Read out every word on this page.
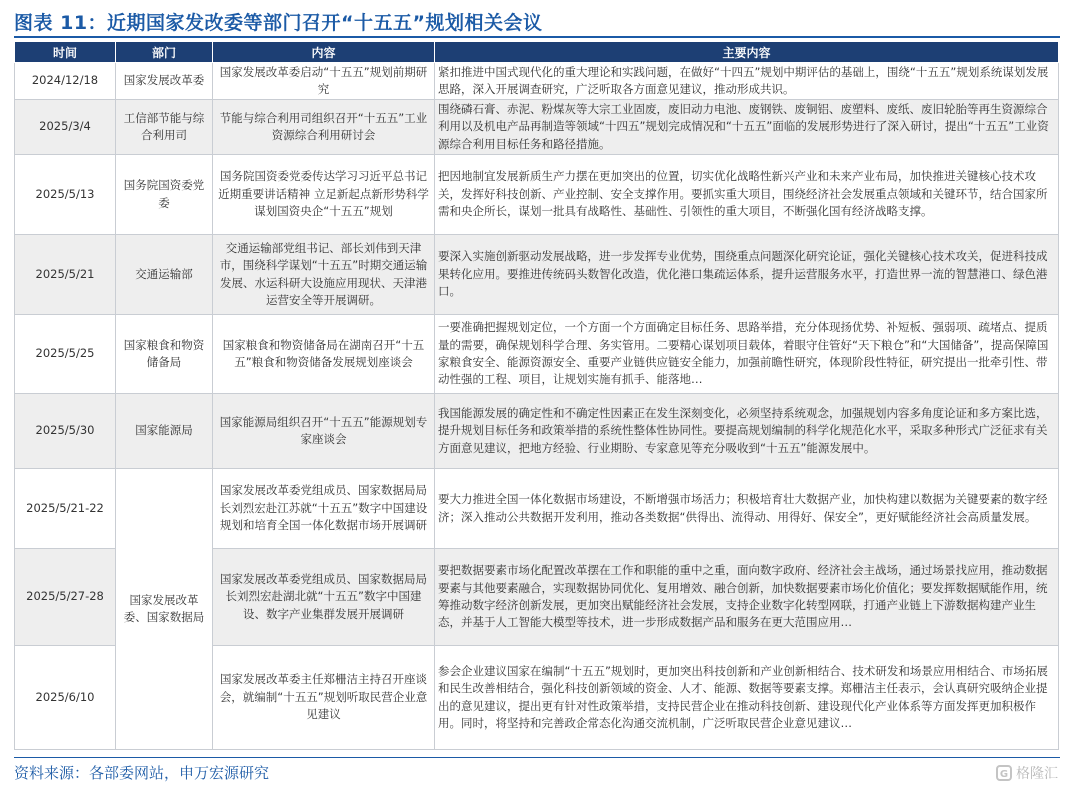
图表 11：近期国家发改委等部门召开“十五五”规划相关会议
时间	部门	内容	主要内容
2024/12/18	国家发展改革委	国家发展改革委启动“十五五”规划前期研究	紧扣推进中国式现代化的重大理论和实践问题，在做好“十四五”规划中期评估的基础上，围绕“十五五”规划系统谋划发展思路，深入开展调查研究，广泛听取各方面意见建议，推动形成共识。

2025/3/4	工信部节能与综合利用司	节能与综合利用司组织召开“十五五”工业资源综合利用研讨会	围绕磷石膏、赤泥、粉煤灰等大宗工业固废，废旧动力电池、废钢铁、废铜铝、废塑料、废纸、废旧轮胎等再生资源综合利用以及机电产品再制造等领域“十四五”规划完成情况和“十五五”面临的发展形势进行了深入研讨，提出“十五五”工业资源综合利用目标任务和路径措施。

2025/5/13	国务院国资委党委	国务院国资委党委传达学习习近平总书记近期重要讲话精神 立足新起点新形势科学谋划国资央企“十五五”规划	把因地制宜发展新质生产力摆在更加突出的位置，切实优化战略性新兴产业和未来产业布局，加快推进关键核心技术攻关，发挥好科技创新、产业控制、安全支撑作用。要抓实重大项目，围绕经济社会发展重点领域和关键环节，结合国家所需和央企所长，谋划一批具有战略性、基础性、引领性的重大项目，不断强化国有经济战略支撑。

2025/5/21	交通运输部	交通运输部党组书记、部长刘伟到天津市，围绕科学谋划“十五五”时期交通运输发展、水运科研大设施应用现状、天津港运营安全等开展调研。	要深入实施创新驱动发展战略，进一步发挥专业优势，围绕重点问题深化研究论证，强化关键核心技术攻关，促进科技成果转化应用。要推进传统码头数智化改造，优化港口集疏运体系，提升运营服务水平，打造世界一流的智慧港口、绿色港口。

2025/5/25	国家粮食和物资储备局	国家粮食和物资储备局在湖南召开“十五五”粮食和物资储备发展规划座谈会	一要准确把握规划定位，一个方面一个方面确定目标任务、思路举措，充分体现扬优势、补短板、强弱项、疏堵点、提质量的需要，确保规划科学合理、务实管用。二要精心谋划项目载体，着眼守住管好“天下粮仓”和“大国储备”，提高保障国家粮食安全、能源资源安全、重要产业链供应链安全能力，加强前瞻性研究，体现阶段性特征，研究提出一批牵引性、带动性强的工程、项目，让规划实施有抓手、能落地…

2025/5/30	国家能源局	国家能源局组织召开“十五五”能源规划专家座谈会	我国能源发展的确定性和不确定性因素正在发生深刻变化，必须坚持系统观念，加强规划内容多角度论证和多方案比选，提升规划目标任务和政策举措的系统性整体性协同性。要提高规划编制的科学化规范化水平，采取多种形式广泛征求有关方面意见建议，把地方经验、行业期盼、专家意见等充分吸收到“十五五”能源发展中。

2025/5/21-22	国家发展改革委、国家数据局	国家发展改革委党组成员、国家数据局局长刘烈宏赴江苏就“十五五”数字中国建设规划和培育全国一体化数据市场开展调研	要大力推进全国一体化数据市场建设，不断增强市场活力；积极培育壮大数据产业，加快构建以数据为关键要素的数字经济；深入推动公共数据开发利用，推动各类数据“供得出、流得动、用得好、保安全”，更好赋能经济社会高质量发展。

2025/5/27-28		国家发展改革委党组成员、国家数据局局长刘烈宏赴湖北就“十五五”数字中国建设、数字产业集群发展开展调研	要把数据要素市场化配置改革摆在工作和职能的重中之重，面向数字政府、经济社会主战场，通过场景找应用，推动数据要素与其他要素融合，实现数据协同优化、复用增效、融合创新，加快数据要素市场化价值化；要发挥数据赋能作用，统筹推动数字经济创新发展，更加突出赋能经济社会发展，支持企业数字化转型网联，打通产业链上下游数据构建产业生态，并基于人工智能大模型等技术，进一步形成数据产品和服务在更大范围应用…

2025/6/10		国家发展改革委主任郑栅洁主持召开座谈会，就编制“十五五”规划听取民营企业意见建议	参会企业建议国家在编制“十五五”规划时，更加突出科技创新和产业创新相结合、技术研发和场景应用相结合、市场拓展和民生改善相结合，强化科技创新领域的资金、人才、能源、数据等要素支撑。郑栅洁主任表示，会认真研究吸纳企业提出的意见建议，提出更有针对性政策举措，支持民营企业在推动科技创新、建设现代化产业体系等方面发挥更加积极作用。同时，将坚持和完善政企常态化沟通交流机制，广泛听取民营企业意见建议…
资料来源：各部委网站，申万宏源研究	G 格隆汇
